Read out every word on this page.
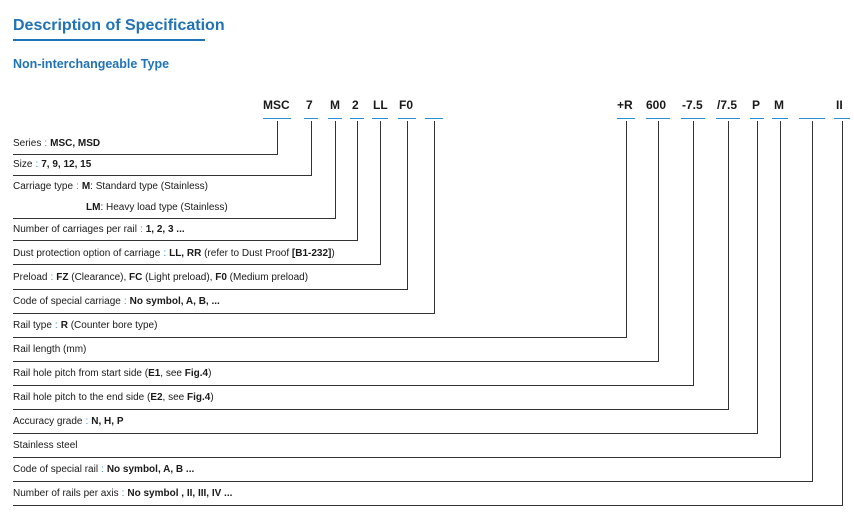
Description of Specification
Non-interchangeable Type
MSC 7 M 2 LL F0	+R 600 -7.5 /7.5 P M	II
Series : MSC, MSD
Size : 7, 9, 12, 15
Carriage type : M: Standard type (Stainless)
LM: Heavy load type (Stainless)
Number of carriages per rail : 1, 2, 3 ...
Dust protection option of carriage : LL, RR (refer to Dust Proof [B1-232])
Preload : FZ (Clearance), FC (Light preload), F0 (Medium preload)
Code of special carriage : No symbol, A, B, ...
Rail type : R (Counter bore type)
Rail length (mm)
Rail hole pitch from start side (E1, see Fig.4)
Rail hole pitch to the end side (E2, see Fig.4)
Accuracy grade : N, H, P
Stainless steel
Code of special rail : No symbol, A, B ...
Number of rails per axis : No symbol , II, III, IV ...
